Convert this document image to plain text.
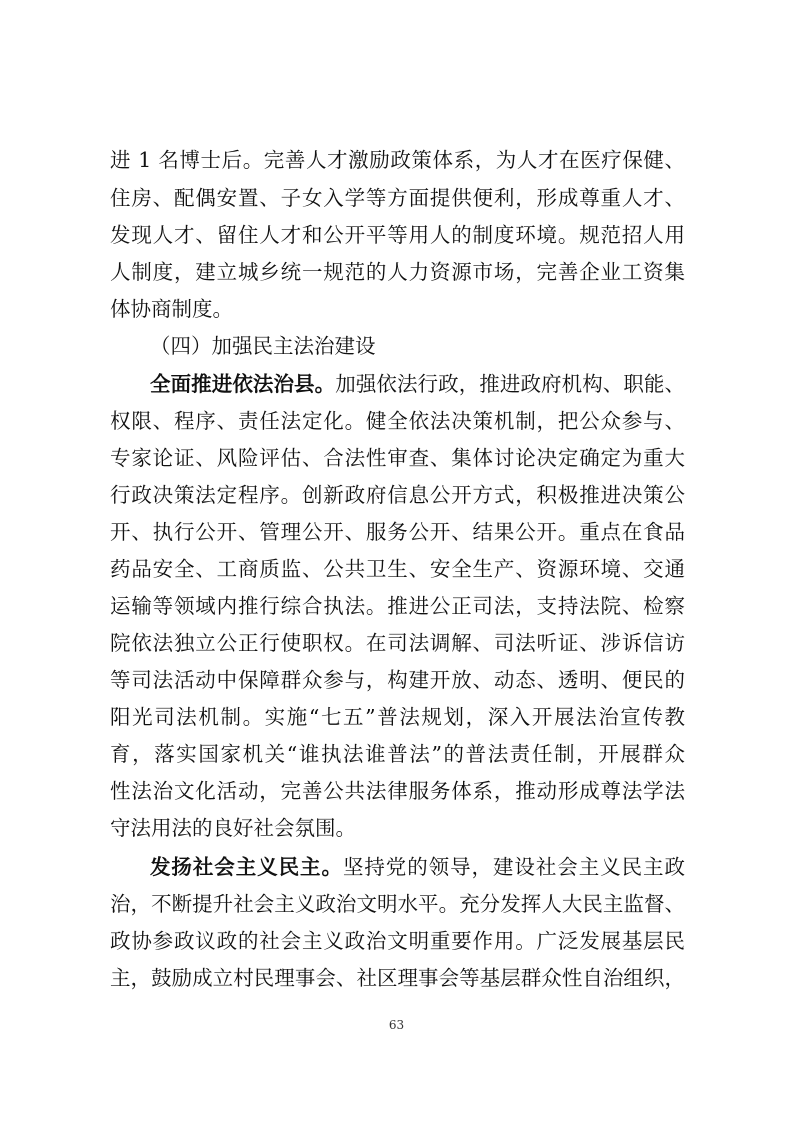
进 1 名博士后。完善人才激励政策体系，为人才在医疗保健、
住房、配偶安置、子女入学等方面提供便利，形成尊重人才、
发现人才、留住人才和公开平等用人的制度环境。规范招人用
人制度，建立城乡统一规范的人力资源市场，完善企业工资集
体协商制度。
（四）加强民主法治建设
全面推进依法治县。加强依法行政，推进政府机构、职能、
权限、程序、责任法定化。健全依法决策机制，把公众参与、
专家论证、风险评估、合法性审查、集体讨论决定确定为重大
行政决策法定程序。创新政府信息公开方式，积极推进决策公
开、执行公开、管理公开、服务公开、结果公开。重点在食品
药品安全、工商质监、公共卫生、安全生产、资源环境、交通
运输等领域内推行综合执法。推进公正司法，支持法院、检察
院依法独立公正行使职权。在司法调解、司法听证、涉诉信访
等司法活动中保障群众参与，构建开放、动态、透明、便民的
阳光司法机制。实施“七五”普法规划，深入开展法治宣传教
育，落实国家机关“谁执法谁普法”的普法责任制，开展群众
性法治文化活动，完善公共法律服务体系，推动形成尊法学法
守法用法的良好社会氛围。
发扬社会主义民主。坚持党的领导，建设社会主义民主政
治，不断提升社会主义政治文明水平。充分发挥人大民主监督、
政协参政议政的社会主义政治文明重要作用。广泛发展基层民
主，鼓励成立村民理事会、社区理事会等基层群众性自治组织，
63
